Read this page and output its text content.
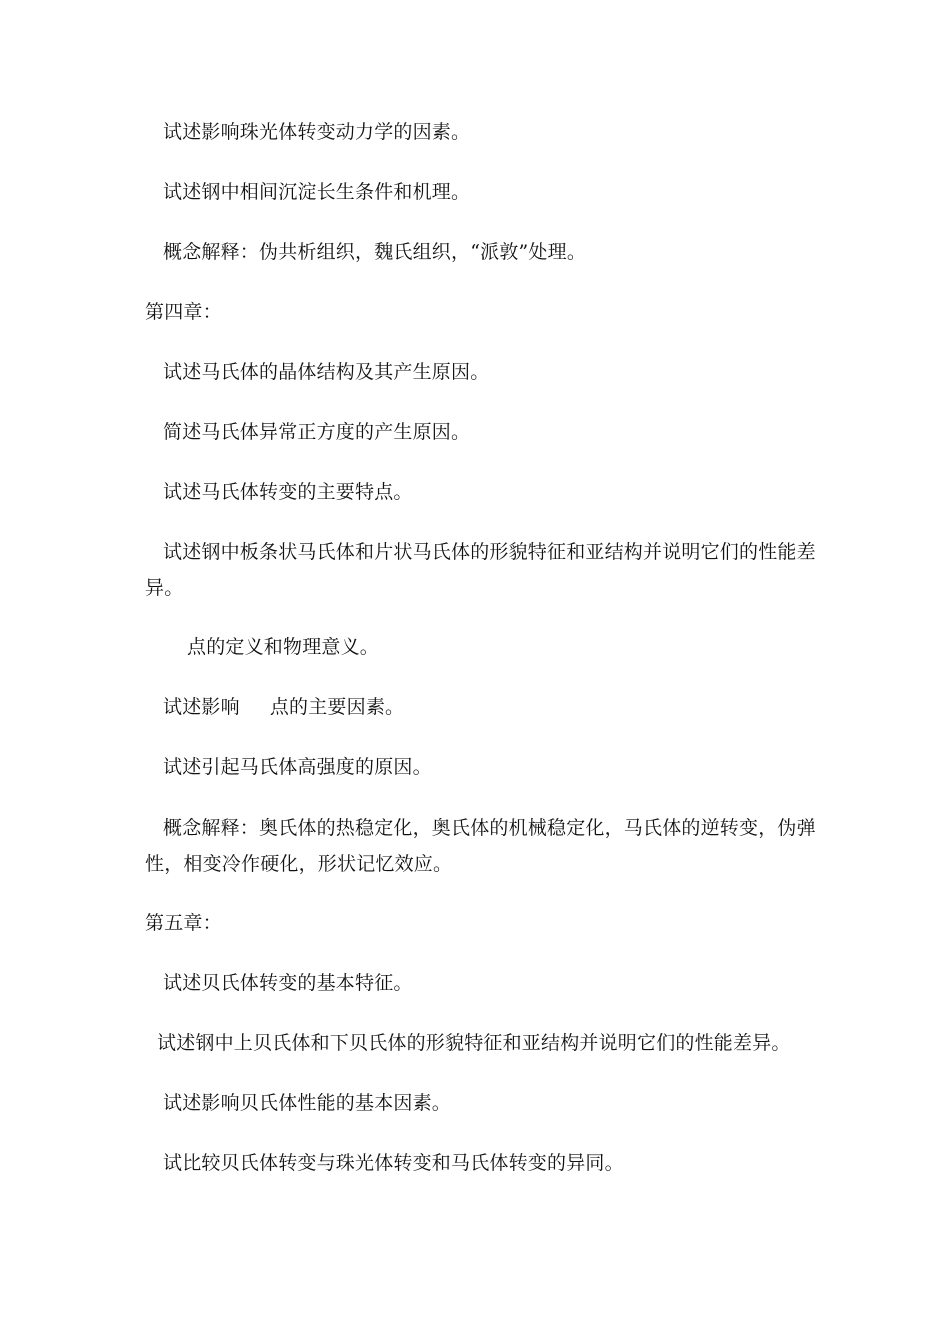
试述影响珠光体转变动力学的因素。
试述钢中相间沉淀长生条件和机理。
概念解释：伪共析组织，魏氏组织，“派敦”处理。
第四章：
试述马氏体的晶体结构及其产生原因。
简述马氏体异常正方度的产生原因。
试述马氏体转变的主要特点。
试述钢中板条状马氏体和片状马氏体的形貌特征和亚结构并说明它们的性能差异。
点的定义和物理意义。
试述影响 点的主要因素。
试述引起马氏体高强度的原因。
概念解释：奥氏体的热稳定化，奥氏体的机械稳定化，马氏体的逆转变，伪弹性，相变冷作硬化，形状记忆效应。
第五章：
试述贝氏体转变的基本特征。
试述钢中上贝氏体和下贝氏体的形貌特征和亚结构并说明它们的性能差异。
试述影响贝氏体性能的基本因素。
试比较贝氏体转变与珠光体转变和马氏体转变的异同。
